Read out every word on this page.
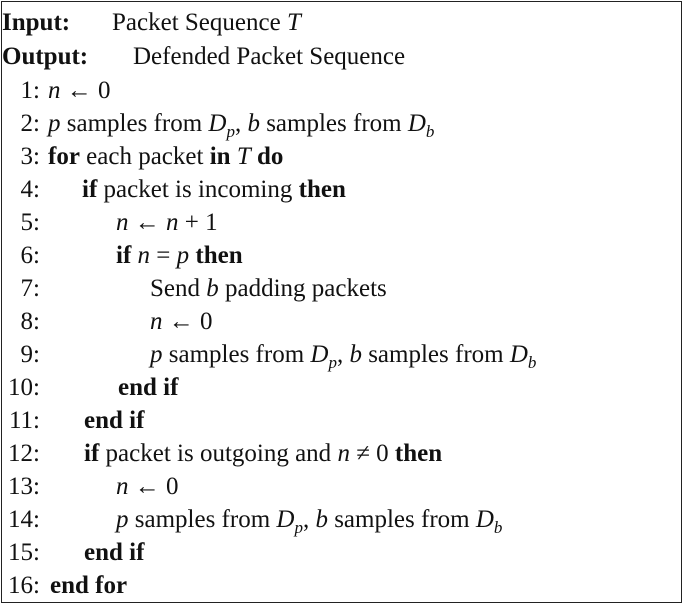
Input: Packet Sequence T
Output: Defended Packet Sequence
1: n ← 0
2: p samples from $D_p$, b samples from $D_b$
3: for each packet in T do
4: if packet is incoming then
5:	n ← n + 1
6:	if n = p then
7:	Send b padding packets
8:	n ← 0
9:	p samples from $D_p$, b samples from $D_b$
10:	end if
11: end if
12: if packet is outgoing and n ≠ 0 then
13:	n ← 0
14:	p samples from $D_p$, b samples from $D_b$
15: end if
16: end for
